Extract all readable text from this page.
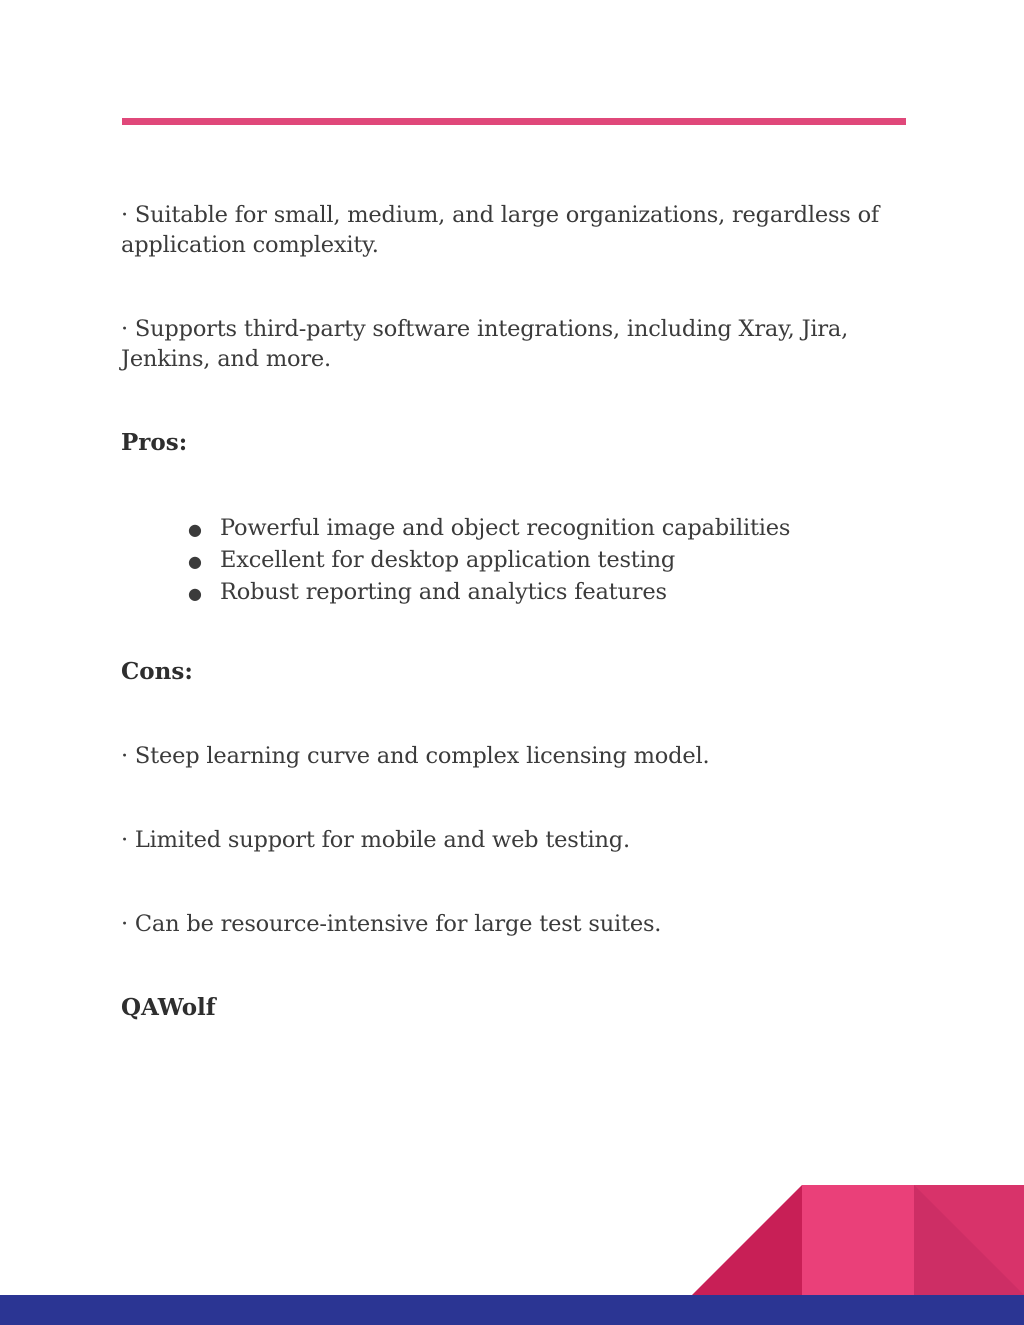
· Suitable for small, medium, and large organizations, regardless of application complexity.

· Supports third-party software integrations, including Xray, Jira, Jenkins, and more.

Pros:
● Powerful image and object recognition capabilities
● Excellent for desktop application testing
● Robust reporting and analytics features
Cons:

· Steep learning curve and complex licensing model.

· Limited support for mobile and web testing.

· Can be resource-intensive for large test suites.

QAWolf
